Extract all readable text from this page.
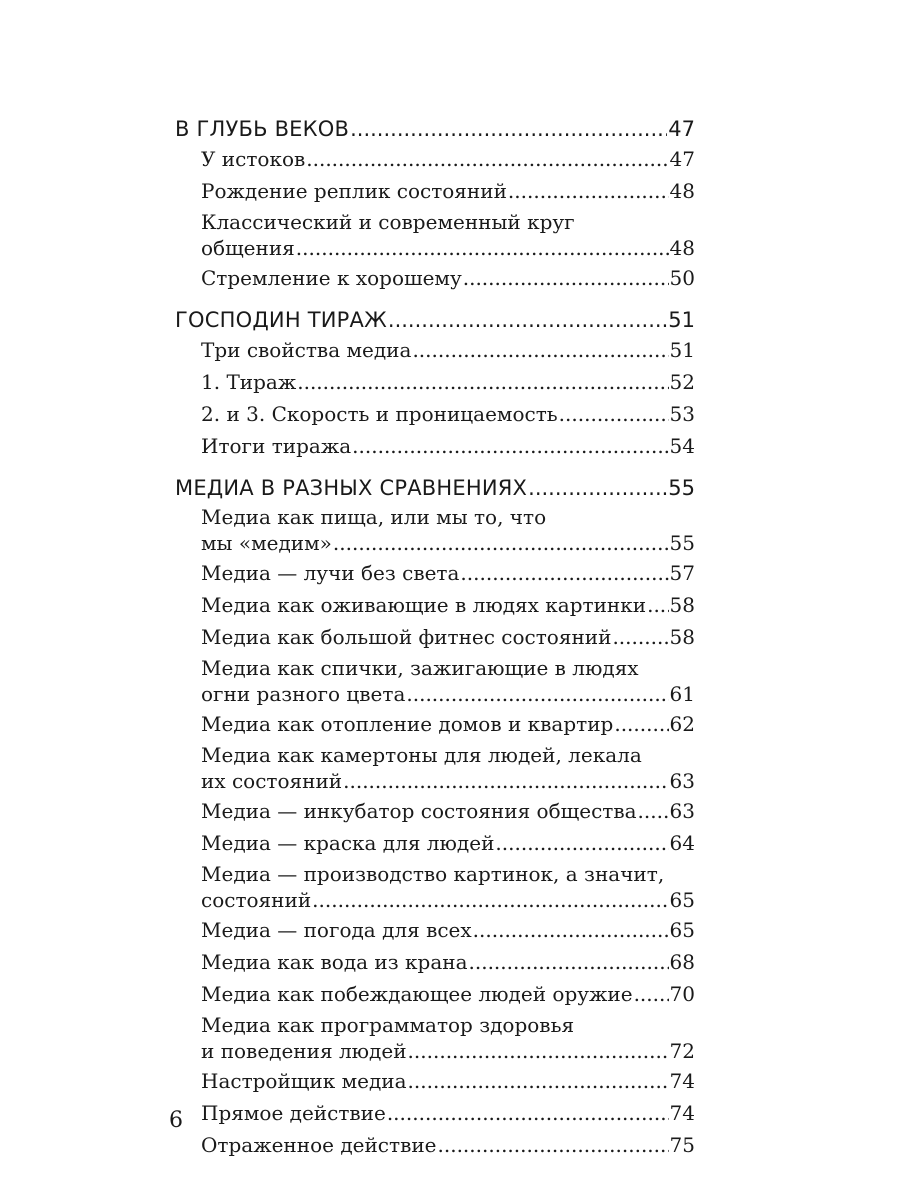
В ГЛУБЬ ВЕКОВ .....	47
У истоков .....	47
Рождение реплик состояний .....	48
Классический и современный круг
общения .....	48
Стремление к хорошему .....	50
ГОСПОДИН ТИРАЖ .....	51
Три свойства медиа .....	51
1. Тираж .....	52
2. и 3. Скорость и проницаемость .....	53
Итоги тиража .....	54
МЕДИА В РАЗНЫХ СРАВНЕНИЯХ .....	55
Медиа как пища, или мы то, что
мы «медим» .....	55
Медиа — лучи без света .....	57
Медиа как оживающие в людях картинки ..... 58
Медиа как большой фитнес состояний .....	58
Медиа как спички, зажигающие в людях
огни разного цвета .....	61
Медиа как отопление домов и квартир .....	62
Медиа как камертоны для людей, лекала
их состояний .....	63
Медиа — инкубатор состояния общества ..... 63
Медиа — краска для людей .....	64
Медиа — производство картинок, а значит,
состояний .....	65
Медиа — погода для всех .....	65
Медиа как вода из крана .....	68
Медиа как побеждающее людей оружие ..... 70
Медиа как программатор здоровья
и поведения людей .....	72
Настройщик медиа .....	74
Прямое действие .....	74
Отраженное действие .....	75
6
